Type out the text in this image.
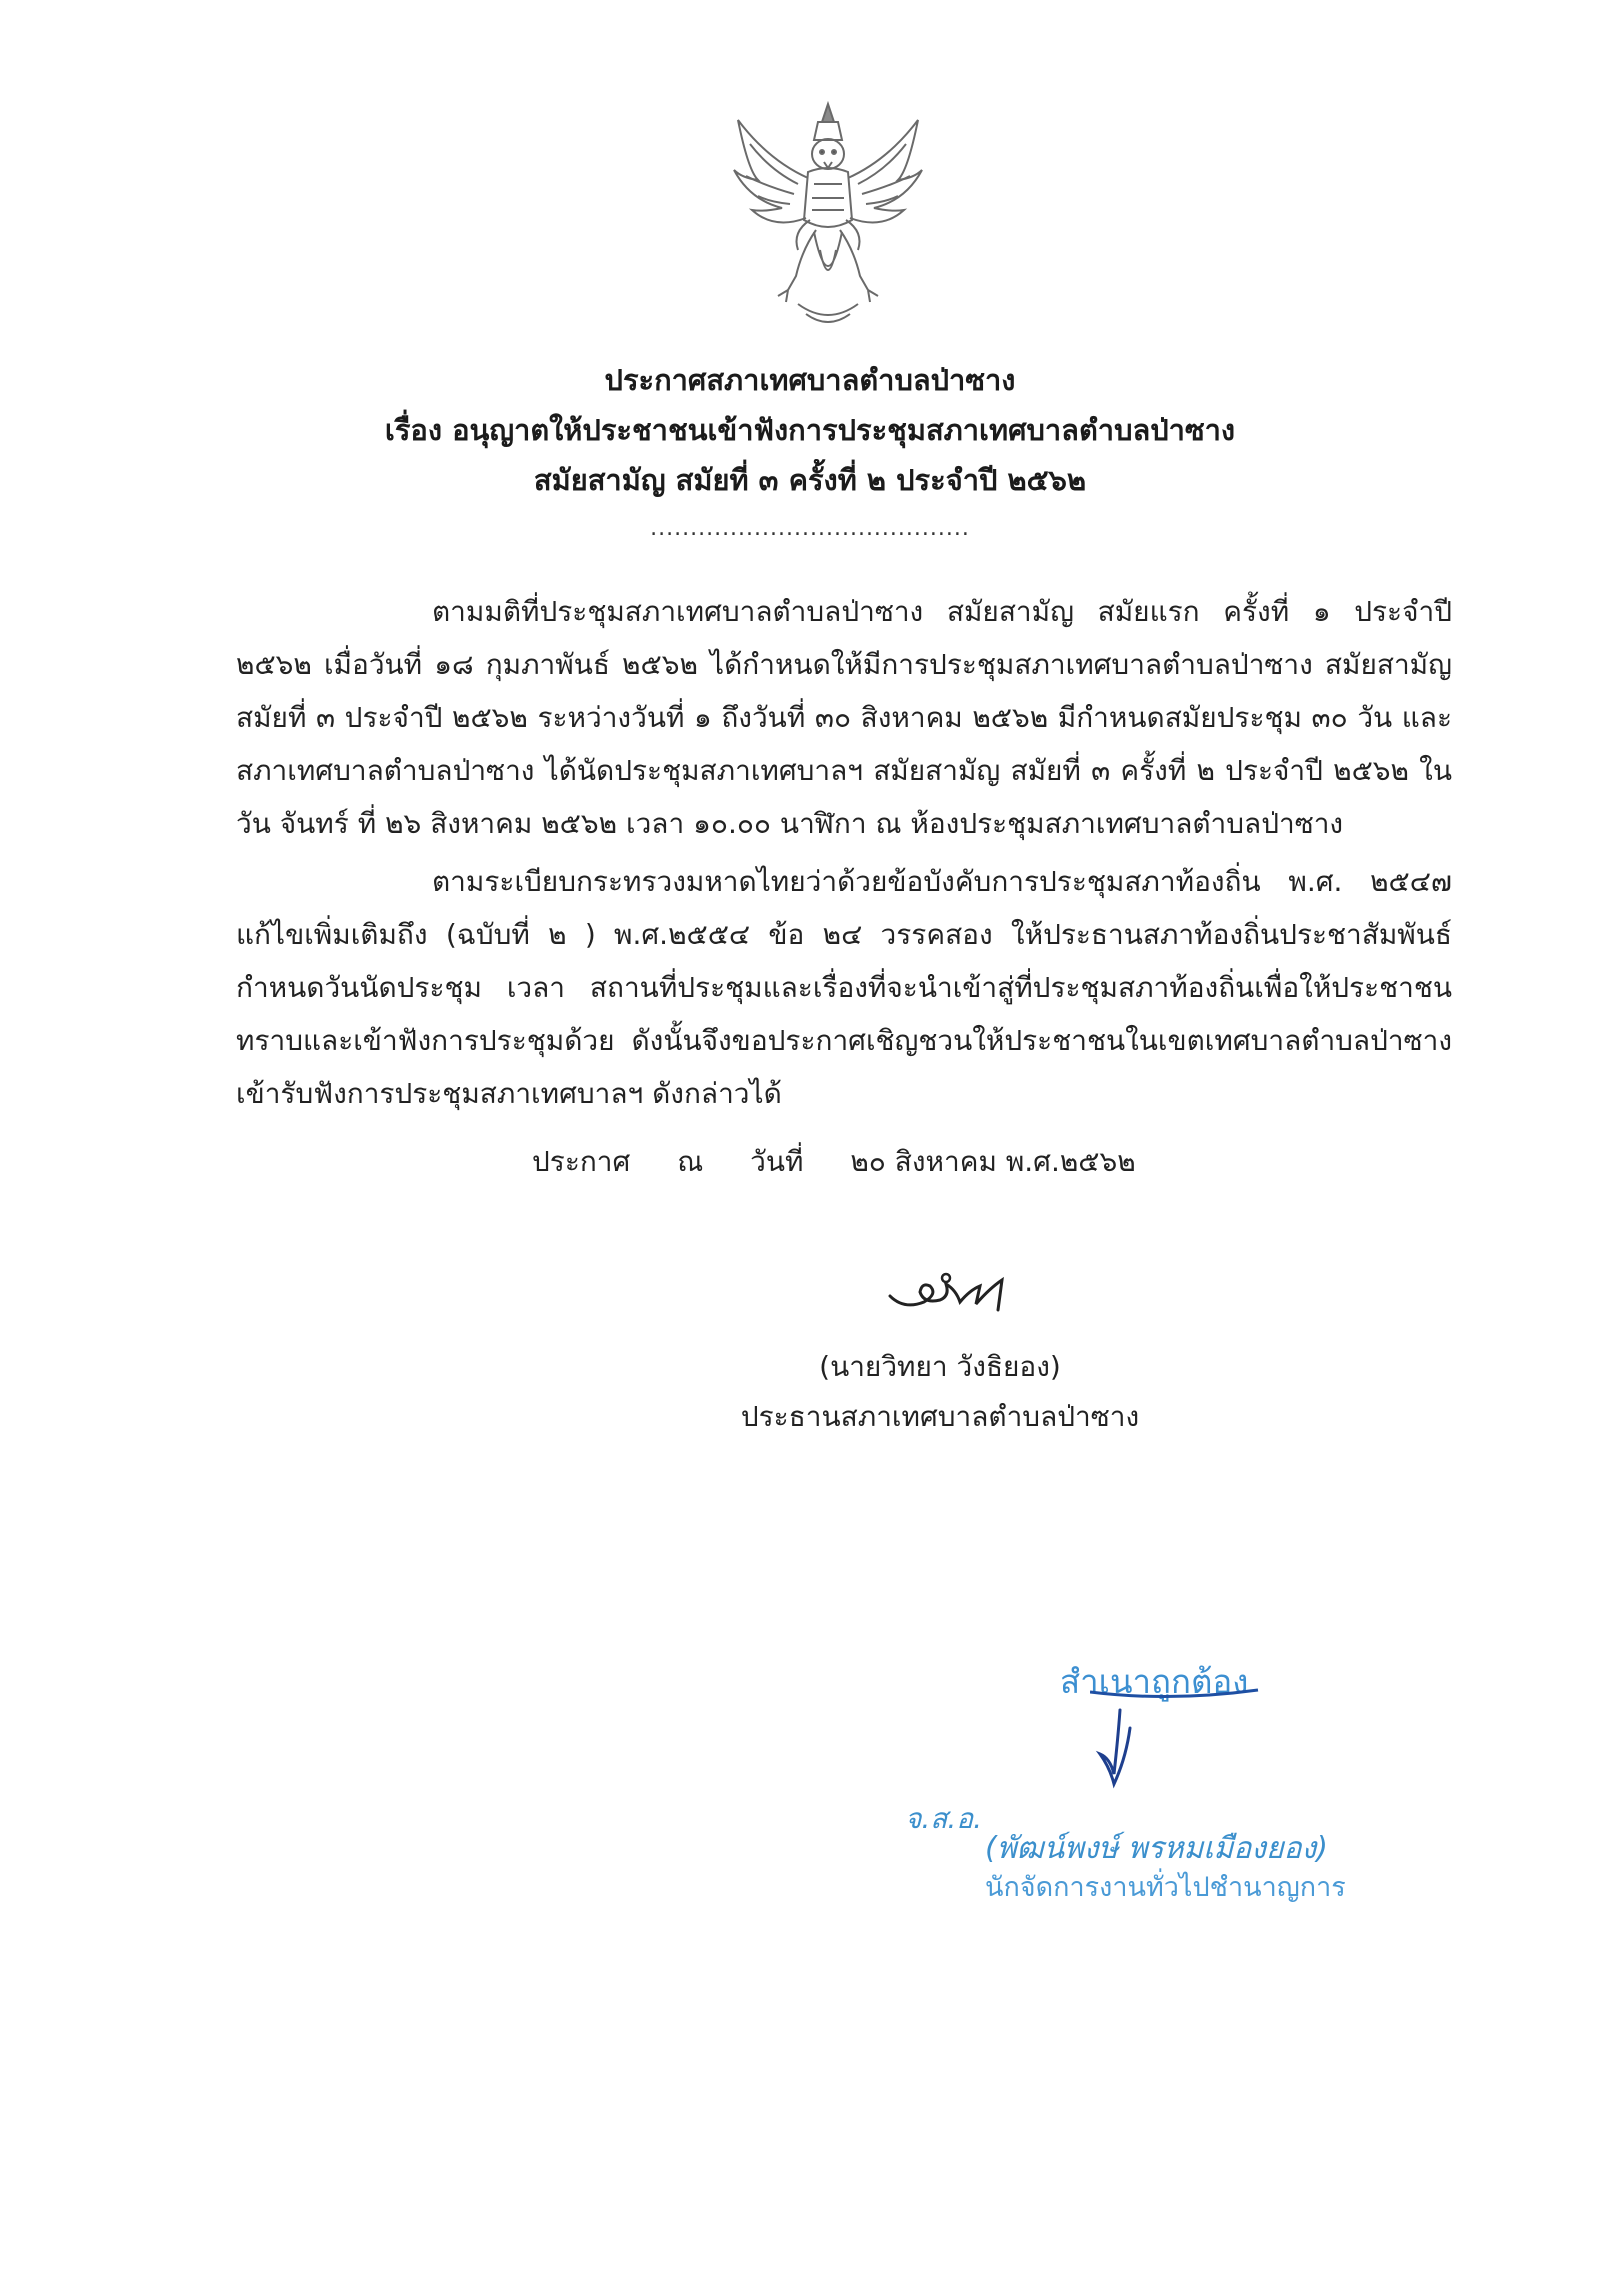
ประกาศสภาเทศบาลตำบลป่าซาง
เรื่อง อนุญาตให้ประชาชนเข้าฟังการประชุมสภาเทศบาลตำบลป่าซาง
สมัยสามัญ สมัยที่ ๓ ครั้งที่ ๒ ประจำปี ๒๕๖๒
........................................

ตามมติที่ประชุมสภาเทศบาลตำบลป่าซาง สมัยสามัญ สมัยแรก ครั้งที่ ๑ ประจำปี ๒๕๖๒ เมื่อวันที่ ๑๘ กุมภาพันธ์ ๒๕๖๒ ได้กำหนดให้มีการประชุมสภาเทศบาลตำบลป่าซาง สมัยสามัญ สมัยที่ ๓ ประจำปี ๒๕๖๒ ระหว่างวันที่ ๑ ถึงวันที่ ๓๐ สิงหาคม ๒๕๖๒ มีกำหนดสมัยประชุม ๓๐ วัน และสภาเทศบาลตำบลป่าซาง ได้นัดประชุมสภาเทศบาลฯ สมัยสามัญ สมัยที่ ๓ ครั้งที่ ๒ ประจำปี ๒๕๖๒ ในวัน จันทร์ ที่ ๒๖ สิงหาคม ๒๕๖๒ เวลา ๑๐.๐๐ นาฬิกา ณ ห้องประชุมสภาเทศบาลตำบลป่าซาง

ตามระเบียบกระทรวงมหาดไทยว่าด้วยข้อบังคับการประชุมสภาท้องถิ่น พ.ศ. ๒๕๔๗ แก้ไขเพิ่มเติมถึง (ฉบับที่ ๒ ) พ.ศ.๒๕๕๔ ข้อ ๒๔ วรรคสอง ให้ประธานสภาท้องถิ่นประชาสัมพันธ์กำหนดวันนัดประชุม เวลา สถานที่ประชุมและเรื่องที่จะนำเข้าสู่ที่ประชุมสภาท้องถิ่นเพื่อให้ประชาชนทราบและเข้าฟังการประชุมด้วย ดังนั้นจึงขอประกาศเชิญชวนให้ประชาชนในเขตเทศบาลตำบลป่าซาง เข้ารับฟังการประชุมสภาเทศบาลฯ ดังกล่าวได้

ประกาศ ณ วันที่ ๒๐ สิงหาคม พ.ศ.๒๕๖๒
(นายวิทยา วังธิยอง)
ประธานสภาเทศบาลตำบลป่าซาง
สำเนาถูกต้อง
จ.ส.อ.
(พัฒน์พงษ์ พรหมเมืองยอง)
นักจัดการงานทั่วไปชำนาญการ
